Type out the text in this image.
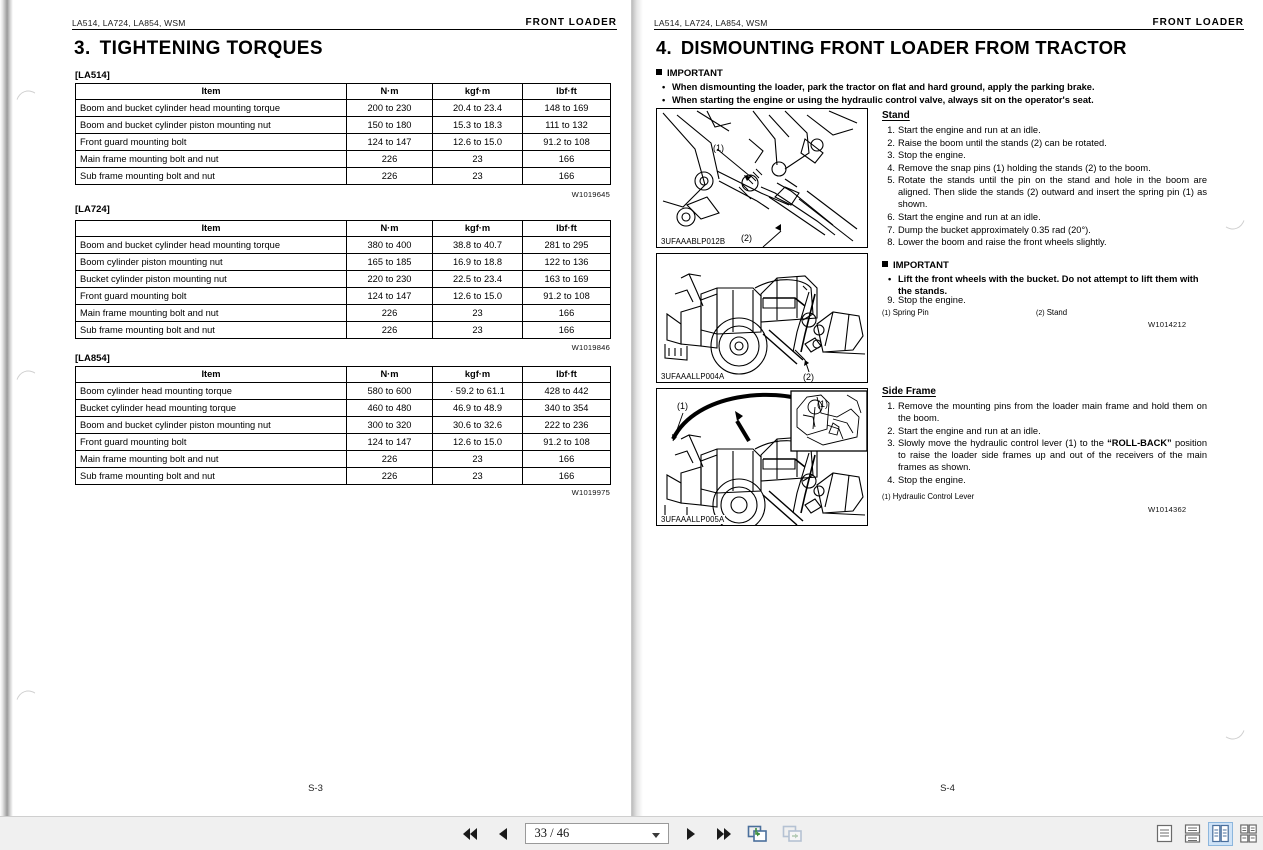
LA514, LA724, LA854, WSM	FRONT LOADER
3. TIGHTENING TORQUES
[LA514]
Item	N·m	kgf·m	lbf·ft
Boom and bucket cylinder head mounting torque	200 to 230	20.4 to 23.4	148 to 169
Boom and bucket cylinder piston mounting nut	150 to 180	15.3 to 18.3	111 to 132
Front guard mounting bolt	124 to 147	12.6 to 15.0	91.2 to 108
Main frame mounting bolt and nut	226	23	166
Sub frame mounting bolt and nut	226	23	166
W1019645
[LA724]
Item	N·m	kgf·m	lbf·ft
Boom and bucket cylinder head mounting torque	380 to 400	38.8 to 40.7	281 to 295
Boom cylinder piston mounting nut	165 to 185	16.9 to 18.8	122 to 136
Bucket cylinder piston mounting nut	220 to 230	22.5 to 23.4	163 to 169
Front guard mounting bolt	124 to 147	12.6 to 15.0	91.2 to 108
Main frame mounting bolt and nut	226	23	166
Sub frame mounting bolt and nut	226	23	166
W1019846
[LA854]
Item	N·m	kgf·m	lbf·ft
Boom cylinder head mounting torque	580 to 600	· 59.2 to 61.1	428 to 442
Bucket cylinder head mounting torque	460 to 480	46.9 to 48.9	340 to 354
Boom and bucket cylinder piston mounting nut	300 to 320	30.6 to 32.6	222 to 236
Front guard mounting bolt	124 to 147	12.6 to 15.0	91.2 to 108
Main frame mounting bolt and nut	226	23	166
Sub frame mounting bolt and nut	226	23	166
W1019975
S-3
LA514, LA724, LA854, WSM	FRONT LOADER
4. DISMOUNTING FRONT LOADER FROM TRACTOR
IMPORTANT
• When dismounting the loader, park the tractor on flat and hard ground, apply the parking brake.
• When starting the engine or using the hydraulic control valve, always sit on the operator's seat.
(1)
(2)
3UFAAABLP012B
(2)
3UFAAALLP004A
(1)	(1)
3UFAAALLP005A
Stand
1. Start the engine and run at an idle.
2. Raise the boom until the stands (2) can be rotated.
3. Stop the engine.
4. Remove the snap pins (1) holding the stands (2) to the boom.
5. Rotate the stands until the pin on the stand and hole in the boom are aligned. Then slide the stands (2) outward and insert the spring pin (1) as shown.
6. Start the engine and run at an idle.
7. Dump the bucket approximately 0.35 rad (20°).
8. Lower the boom and raise the front wheels slightly.
IMPORTANT
• Lift the front wheels with the bucket. Do not attempt to lift them with the stands.
9. Stop the engine.
(1) Spring Pin	(2) Stand
W1014212
Side Frame
1. Remove the mounting pins from the loader main frame and hold them on the boom.
2. Start the engine and run at an idle.
3. Slowly move the hydraulic control lever (1) to the “ROLL-BACK” position to raise the loader side frames up and out of the receivers of the main frames as shown.
4. Stop the engine.
(1) Hydraulic Control Lever
W1014362
S-4
33 / 46
